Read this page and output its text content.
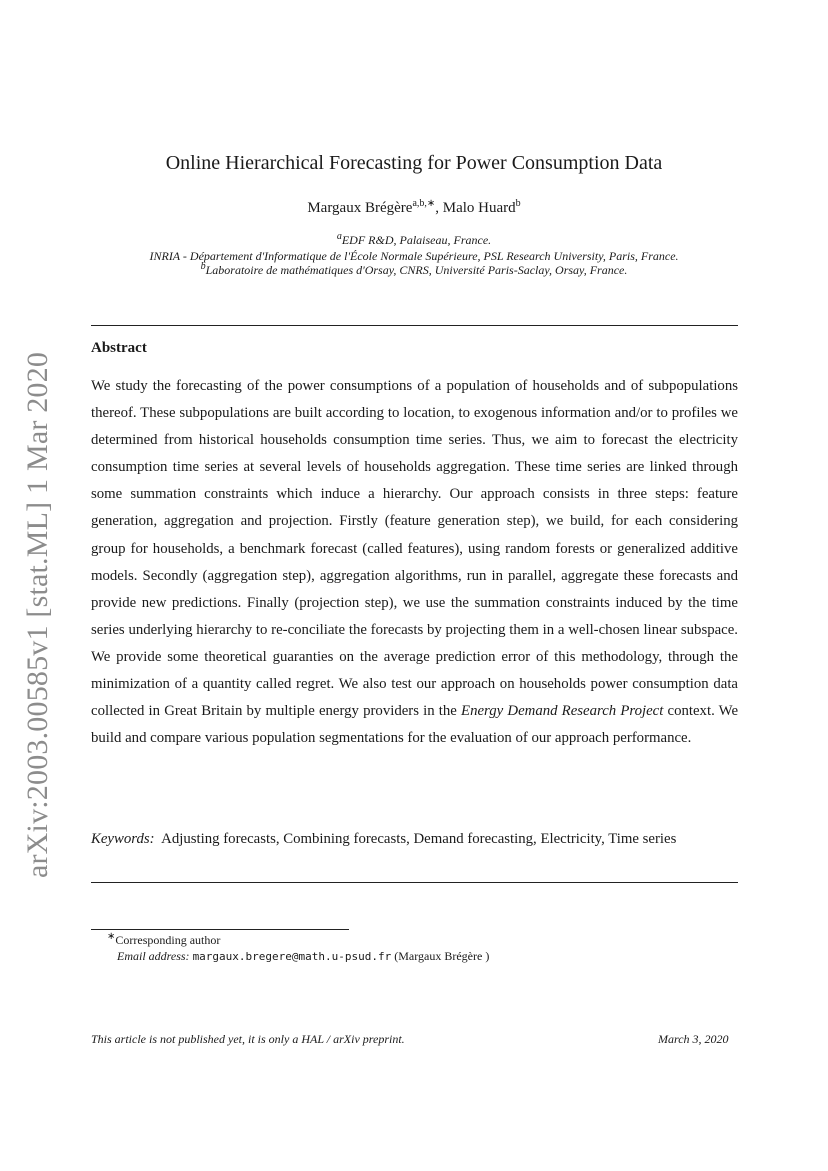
arXiv:2003.00585v1 [stat.ML] 1 Mar 2020
Online Hierarchical Forecasting for Power Consumption Data
Margaux Brégère$^{a,b,∗}$, Malo Huard$^b$
$^a$EDF R&D, Palaiseau, France.
INRIA - Département d'Informatique de l'École Normale Supérieure, PSL Research University, Paris, France.
$^b$Laboratoire de mathématiques d'Orsay, CNRS, Université Paris-Saclay, Orsay, France.
Abstract
We study the forecasting of the power consumptions of a population of households and of subpopulations thereof. These subpopulations are built according to location, to exogenous information and/or to profiles we determined from historical households consumption time series. Thus, we aim to forecast the electricity consumption time series at several levels of households aggregation. These time series are linked through some summation constraints which induce a hierarchy. Our approach consists in three steps: feature generation, aggregation and projection. Firstly (feature generation step), we build, for each considering group for households, a benchmark forecast (called features), using random forests or generalized additive models. Secondly (aggregation step), aggregation algorithms, run in parallel, aggregate these forecasts and provide new predictions. Finally (projection step), we use the summation constraints induced by the time series underlying hierarchy to re-conciliate the forecasts by projecting them in a well-chosen linear subspace. We provide some theoretical guaranties on the average prediction error of this methodology, through the minimization of a quantity called regret. We also test our approach on households power consumption data collected in Great Britain by multiple energy providers in the Energy Demand Research Project context. We build and compare various population segmentations for the evaluation of our approach performance.
Keywords: Adjusting forecasts, Combining forecasts, Demand forecasting, Electricity, Time series
∗Corresponding author
Email address: margaux.bregere@math.u-psud.fr (Margaux Brégère )
This article is not published yet, it is only a HAL / arXiv preprint.	March 3, 2020
